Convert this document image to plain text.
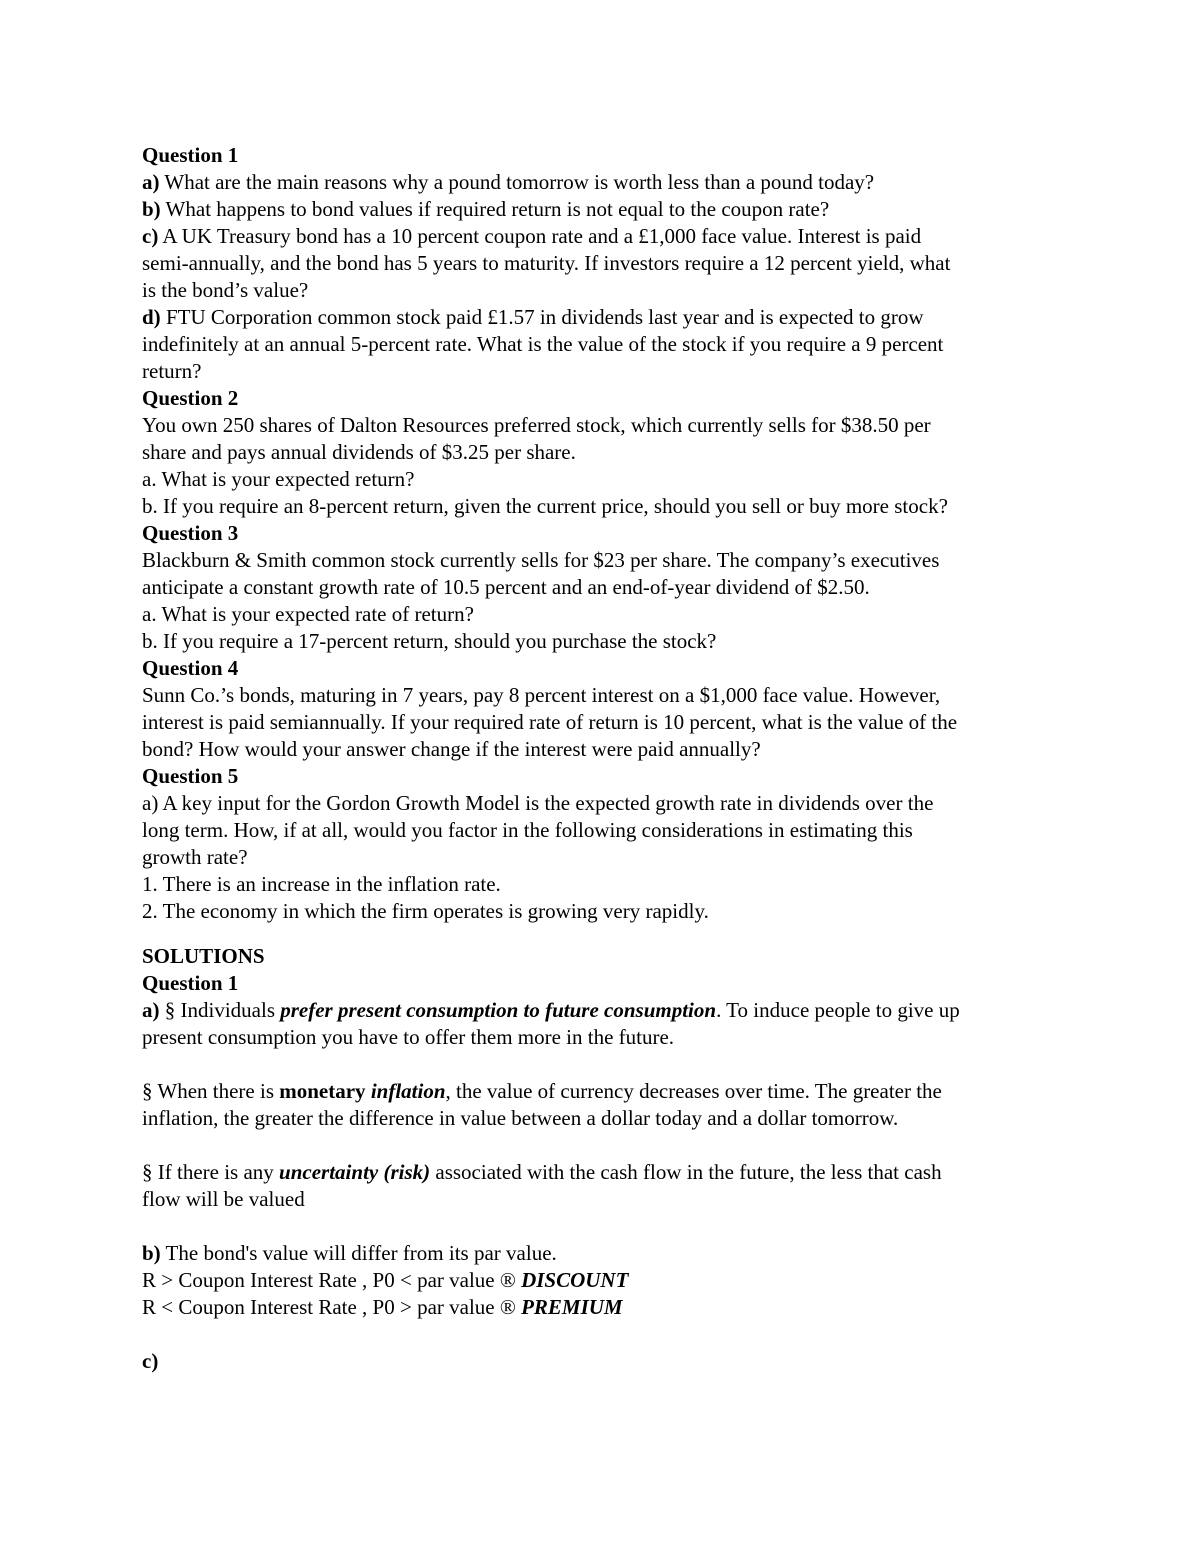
Question 1
a) What are the main reasons why a pound tomorrow is worth less than a pound today?
b) What happens to bond values if required return is not equal to the coupon rate?
c) A UK Treasury bond has a 10 percent coupon rate and a £1,000 face value. Interest is paid
semi-annually, and the bond has 5 years to maturity. If investors require a 12 percent yield, what
is the bond’s value?
d) FTU Corporation common stock paid £1.57 in dividends last year and is expected to grow
indefinitely at an annual 5-percent rate. What is the value of the stock if you require a 9 percent
return?
Question 2
You own 250 shares of Dalton Resources preferred stock, which currently sells for $38.50 per
share and pays annual dividends of $3.25 per share.
a. What is your expected return?
b. If you require an 8-percent return, given the current price, should you sell or buy more stock?
Question 3
Blackburn & Smith common stock currently sells for $23 per share. The company’s executives
anticipate a constant growth rate of 10.5 percent and an end-of-year dividend of $2.50.
a. What is your expected rate of return?
b. If you require a 17-percent return, should you purchase the stock?
Question 4
Sunn Co.’s bonds, maturing in 7 years, pay 8 percent interest on a $1,000 face value. However,
interest is paid semiannually. If your required rate of return is 10 percent, what is the value of the
bond? How would your answer change if the interest were paid annually?
Question 5
a) A key input for the Gordon Growth Model is the expected growth rate in dividends over the
long term. How, if at all, would you factor in the following considerations in estimating this
growth rate?
1. There is an increase in the inflation rate.
2. The economy in which the firm operates is growing very rapidly.
SOLUTIONS
Question 1
a) § Individuals prefer present consumption to future consumption. To induce people to give up
present consumption you have to offer them more in the future.
§ When there is monetary inflation, the value of currency decreases over time. The greater the
inflation, the greater the difference in value between a dollar today and a dollar tomorrow.
§ If there is any uncertainty (risk) associated with the cash flow in the future, the less that cash
flow will be valued
b) The bond's value will differ from its par value.
R > Coupon Interest Rate , P0 < par value ® DISCOUNT
R < Coupon Interest Rate , P0 > par value ® PREMIUM
c)
